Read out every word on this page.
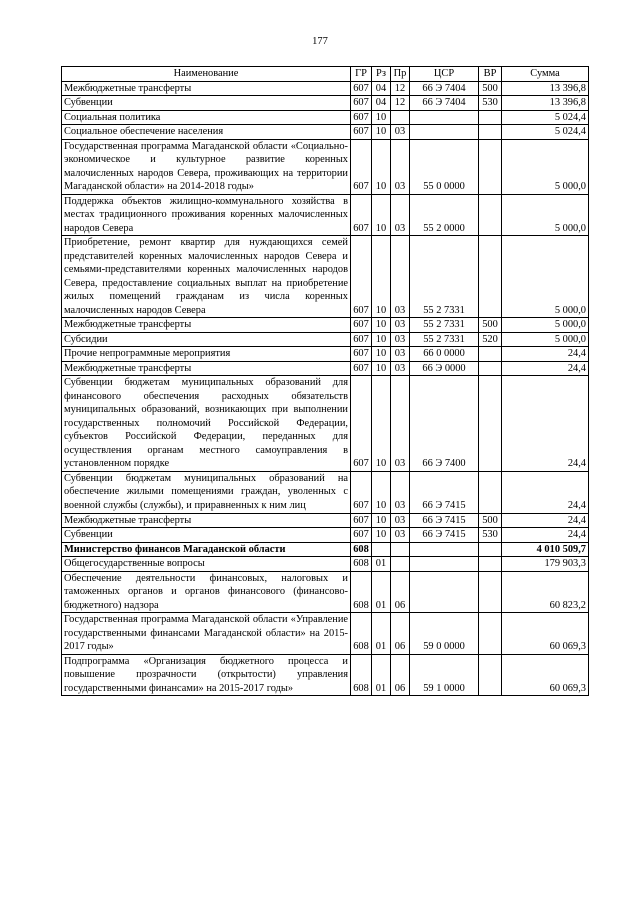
177
Наименование	ГР	Рз	Пр	ЦСР	ВР	Сумма
Межбюджетные трансферты	607	04	12	66 Э 7404	500	13 396,8
Субвенции	607	04	12	66 Э 7404	530	13 396,8
Социальная политика	607	10				5 024,4
Социальное обеспечение населения	607	10	03			5 024,4
Государственная программа Магаданской области «Социально-экономическое и культурное развитие коренных малочисленных народов Севера, проживающих на территории Магаданской области» на 2014-2018 годы»	607	10	03	55 0 0000		5 000,0
Поддержка объектов жилищно-коммунального хозяйства в местах традиционного проживания коренных малочисленных народов Севера	607	10	03	55 2 0000		5 000,0
Приобретение, ремонт квартир для нуждающихся семей представителей коренных малочисленных народов Севера и семьями-представителями коренных малочисленных народов Севера, предоставление социальных выплат на приобретение жилых помещений гражданам из числа коренных малочисленных народов Севера	607	10	03	55 2 7331		5 000,0
Межбюджетные трансферты	607	10	03	55 2 7331	500	5 000,0
Субсидии	607	10	03	55 2 7331	520	5 000,0
Прочие непрограммные мероприятия	607	10	03	66 0 0000		24,4
Межбюджетные трансферты	607	10	03	66 Э 0000		24,4
Субвенции бюджетам муниципальных образований для финансового обеспечения расходных обязательств муниципальных образований, возникающих при выполнении государственных полномочий Российской Федерации, субъектов Российской Федерации, переданных для осуществления органам местного самоуправления в установленном порядке	607	10	03	66 Э 7400		24,4
Субвенции бюджетам муниципальных образований на обеспечение жилыми помещениями граждан, уволенных с военной службы (службы), и приравненных к ним лиц	607	10	03	66 Э 7415		24,4
Межбюджетные трансферты	607	10	03	66 Э 7415	500	24,4
Субвенции	607	10	03	66 Э 7415	530	24,4
Министерство финансов Магаданской области	608					4 010 509,7
Общегосударственные вопросы	608	01				179 903,3
Обеспечение деятельности финансовых, налоговых и таможенных органов и органов финансового (финансово-бюджетного) надзора	608	01	06			60 823,2
Государственная программа Магаданской области «Управление государственными финансами Магаданской области» на 2015-2017 годы»	608	01	06	59 0 0000		60 069,3
Подпрограмма «Организация бюджетного процесса и повышение прозрачности (открытости) управления государственными финансами» на 2015-2017 годы»	608	01	06	59 1 0000		60 069,3
